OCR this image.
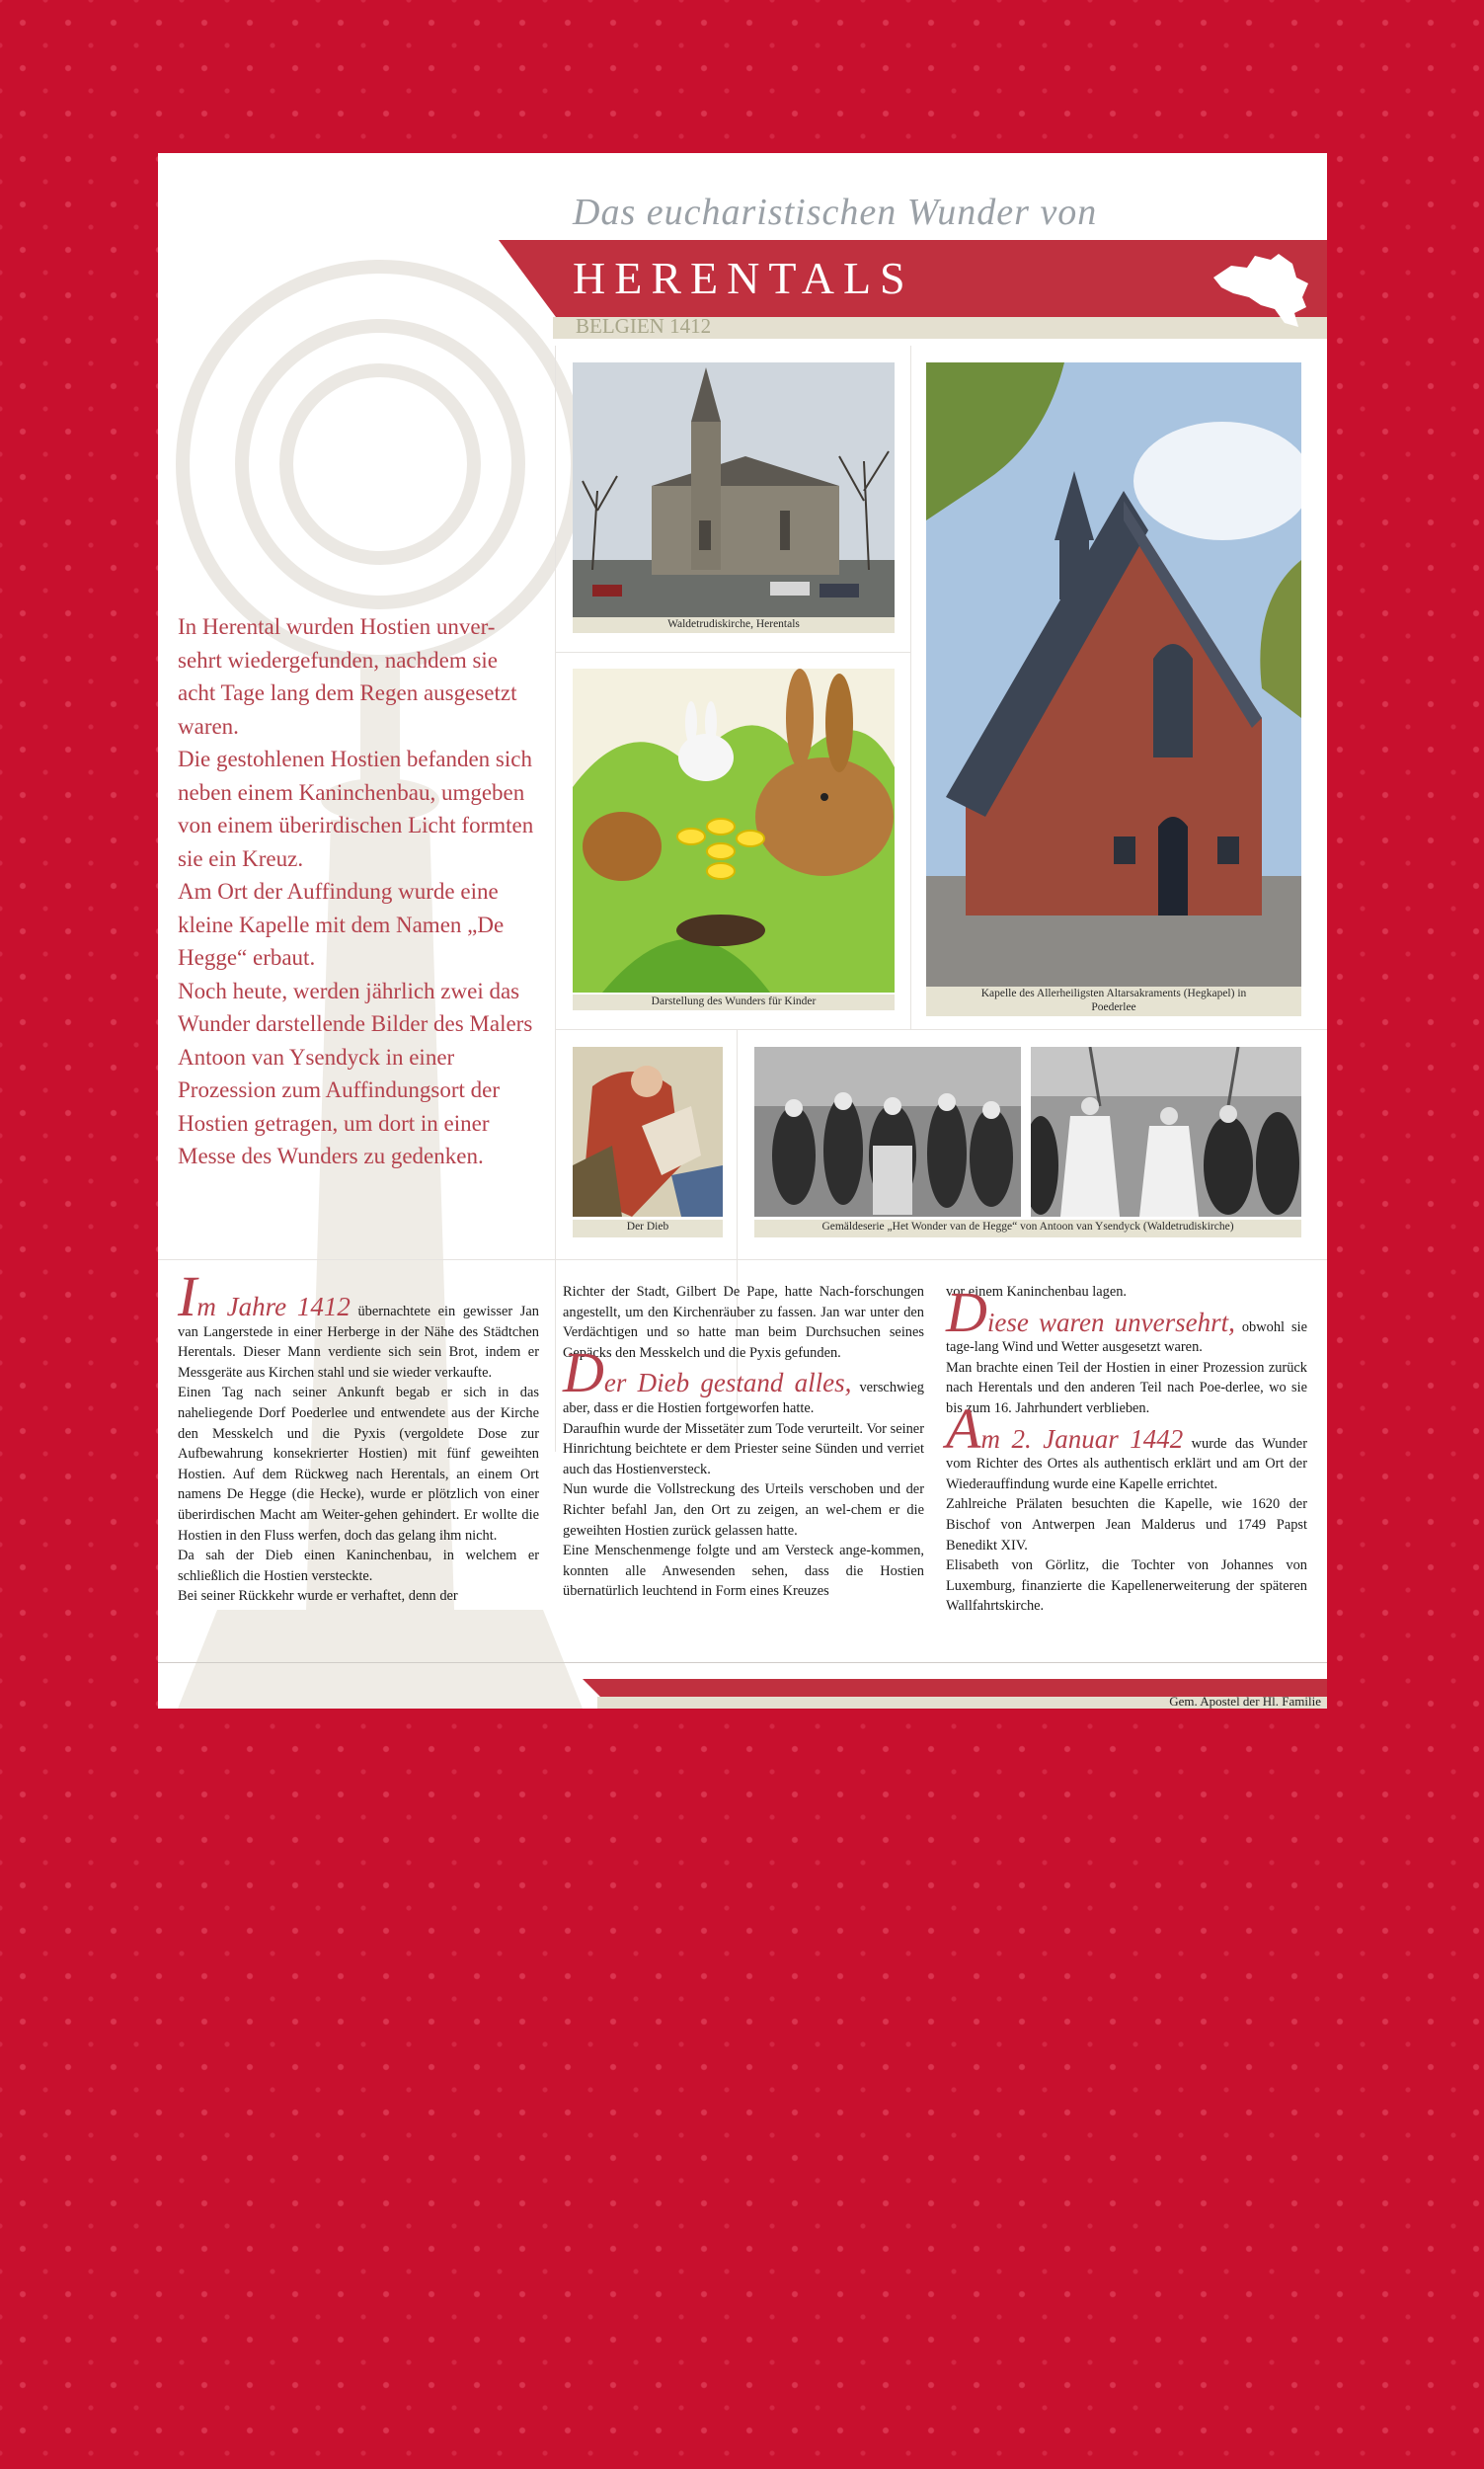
Das eucharistischen Wunder von
HERENTALS
BELGIEN 1412

In Herental wurden Hostien unver-sehrt wiedergefunden, nachdem sie acht Tage lang dem Regen ausgesetzt waren.

Die gestohlenen Hostien befanden sich neben einem Kaninchenbau, umgeben von einem überirdischen Licht formten sie ein Kreuz.

Am Ort der Auffindung wurde eine kleine Kapelle mit dem Namen „De Hegge“ erbaut.

Noch heute, werden jährlich zwei das Wunder darstellende Bilder des Malers Antoon van Ysendyck in einer Prozession zum Auffindungsort der Hostien getragen, um dort in einer Messe des Wunders zu gedenken.

Waldetrudiskirche, Herentals
Darstellung des Wunders für Kinder
Kapelle des Allerheiligsten Altarsakraments (Hegkapel) in Poederlee
Der Dieb	Gemäldeserie „Het Wonder van de Hegge“ von Antoon van Ysendyck (Waldetrudiskirche)

Im Jahre 1412 übernachtete ein gewisser Jan van Langerstede in einer Herberge in der Nähe des Städtchen Herentals. Dieser Mann verdiente sich sein Brot, indem er Messgeräte aus Kirchen stahl und sie wieder verkaufte.

Einen Tag nach seiner Ankunft begab er sich in das naheliegende Dorf Poederlee und entwendete aus der Kirche den Messkelch und die Pyxis (vergoldete Dose zur Aufbewahrung konsekrierter Hostien) mit fünf geweihten Hostien. Auf dem Rückweg nach Herentals, an einem Ort namens De Hegge (die Hecke), wurde er plötzlich von einer überirdischen Macht am Weiter-gehen gehindert. Er wollte die Hostien in den Fluss werfen, doch das gelang ihm nicht.

Da sah der Dieb einen Kaninchenbau, in welchem er schließlich die Hostien versteckte.

Bei seiner Rückkehr wurde er verhaftet, denn der

Richter der Stadt, Gilbert De Pape, hatte Nach-forschungen angestellt, um den Kirchenräuber zu fassen. Jan war unter den Verdächtigen und so hatte man beim Durchsuchen seines Gepäcks den Messkelch und die Pyxis gefunden.

Der Dieb gestand alles, verschwieg aber, dass er die Hostien fortgeworfen hatte.

Daraufhin wurde der Missetäter zum Tode verurteilt. Vor seiner Hinrichtung beichtete er dem Priester seine Sünden und verriet auch das Hostienversteck.

Nun wurde die Vollstreckung des Urteils verschoben und der Richter befahl Jan, den Ort zu zeigen, an wel-chem er die geweihten Hostien zurück gelassen hatte.

Eine Menschenmenge folgte und am Versteck ange-kommen, konnten alle Anwesenden sehen, dass die Hostien übernatürlich leuchtend in Form eines Kreuzes

vor einem Kaninchenbau lagen.

Diese waren unversehrt, obwohl sie tage-lang Wind und Wetter ausgesetzt waren.

Man brachte einen Teil der Hostien in einer Prozession zurück nach Herentals und den anderen Teil nach Poe-derlee, wo sie bis zum 16. Jahrhundert verblieben.

Am 2. Januar 1442 wurde das Wunder vom Richter des Ortes als authentisch erklärt und am Ort der Wiederauffindung wurde eine Kapelle errichtet.

Zahlreiche Prälaten besuchten die Kapelle, wie 1620 der Bischof von Antwerpen Jean Malderus und 1749 Papst Benedikt XIV.

Elisabeth von Görlitz, die Tochter von Johannes von Luxemburg, finanzierte die Kapellenerweiterung der späteren Wallfahrtskirche.

Gem. Apostel der Hl. Familie
